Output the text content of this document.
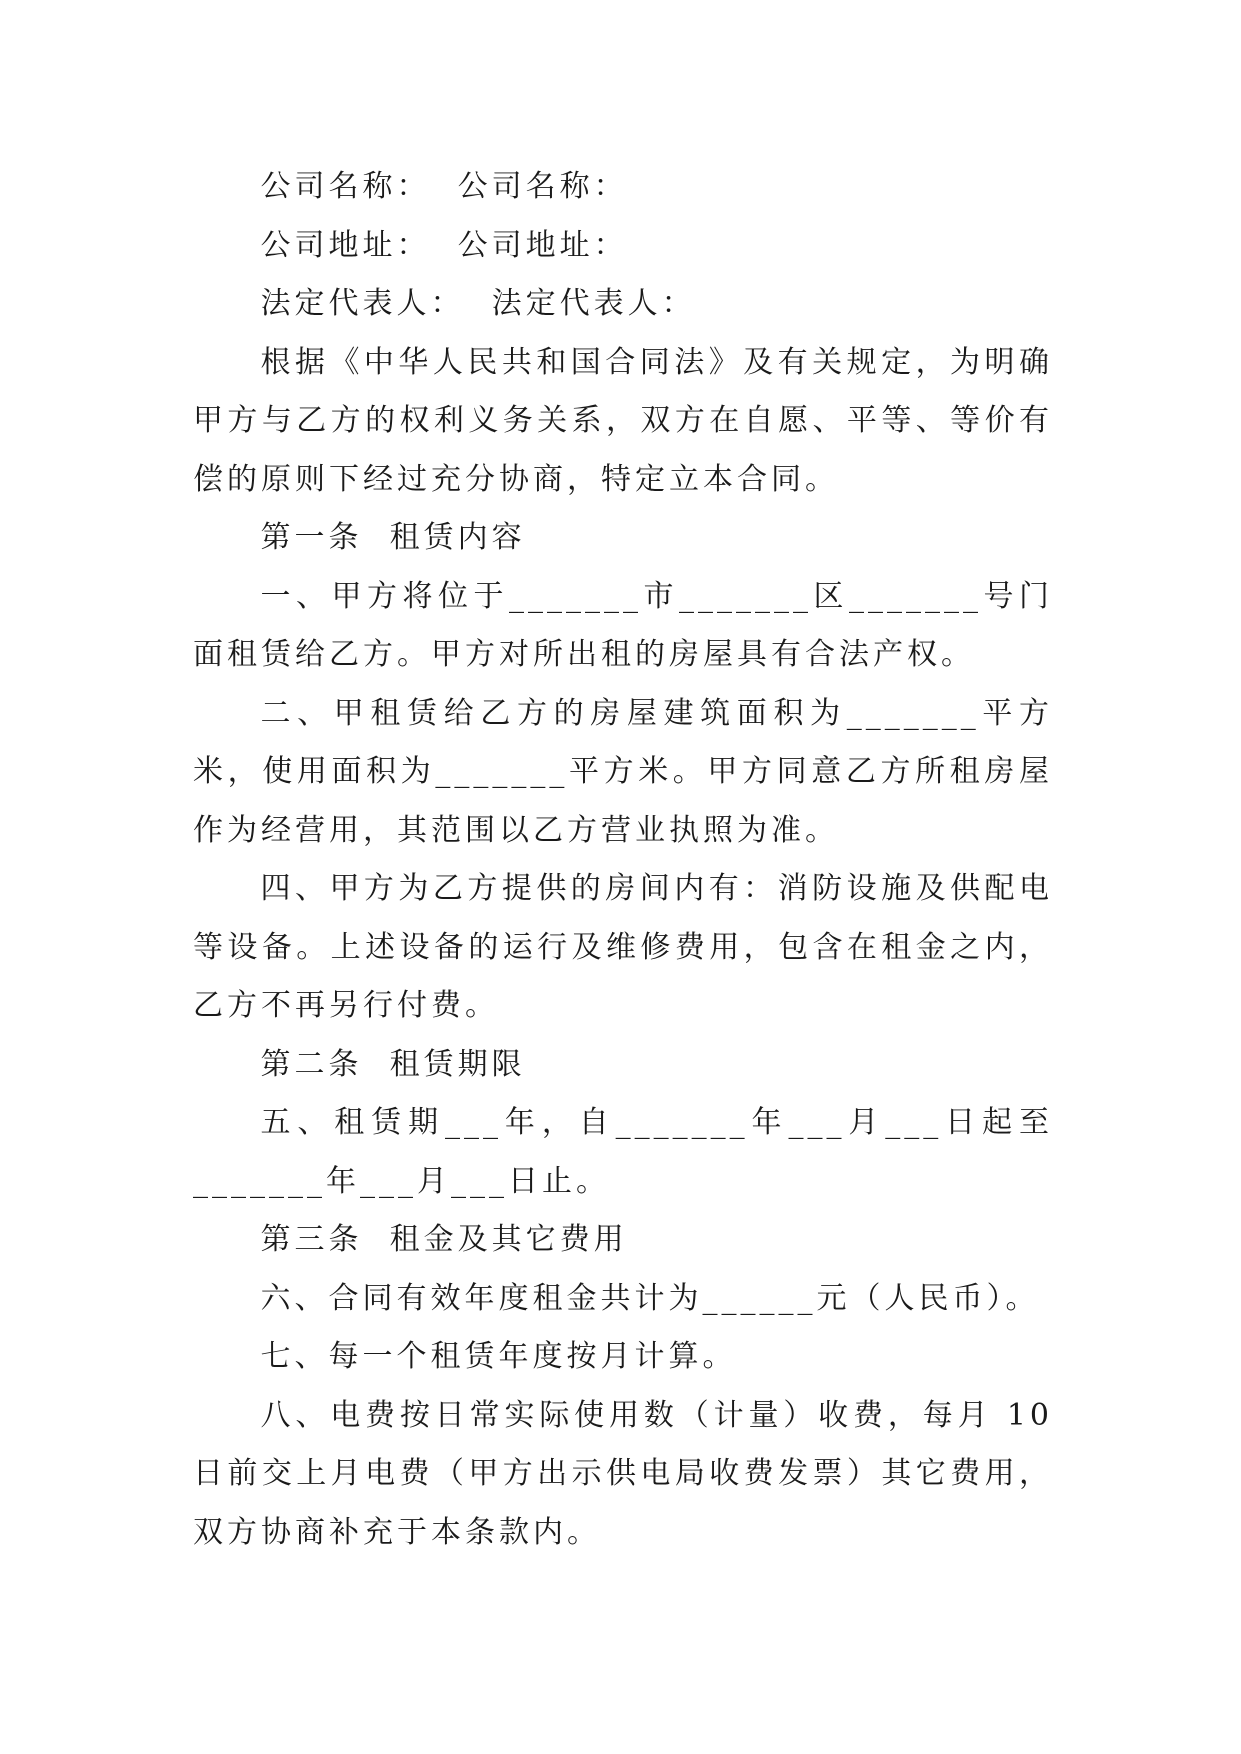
公司名称：  公司名称：

公司地址：  公司地址：

法定代表人：  法定代表人：

根据《中华人民共和国合同法》及有关规定，为明确甲方与乙方的权利义务关系，双方在自愿、平等、等价有偿的原则下经过充分协商，特定立本合同。

第一条  租赁内容

一、甲方将位于_______市_______区_______号门面租赁给乙方。甲方对所出租的房屋具有合法产权。

二、甲租赁给乙方的房屋建筑面积为_______平方米，使用面积为_______平方米。甲方同意乙方所租房屋作为经营用，其范围以乙方营业执照为准。

四、甲方为乙方提供的房间内有：消防设施及供配电等设备。上述设备的运行及维修费用，包含在租金之内，乙方不再另行付费。

第二条  租赁期限

五、租赁期___年，自_______年___月___日起至_______年___月___日止。

第三条  租金及其它费用

六、合同有效年度租金共计为______元（人民币）。

七、每一个租赁年度按月计算。

八、电费按日常实际使用数（计量）收费，每月 10 日前交上月电费（甲方出示供电局收费发票）其它费用，双方协商补充于本条款内。
